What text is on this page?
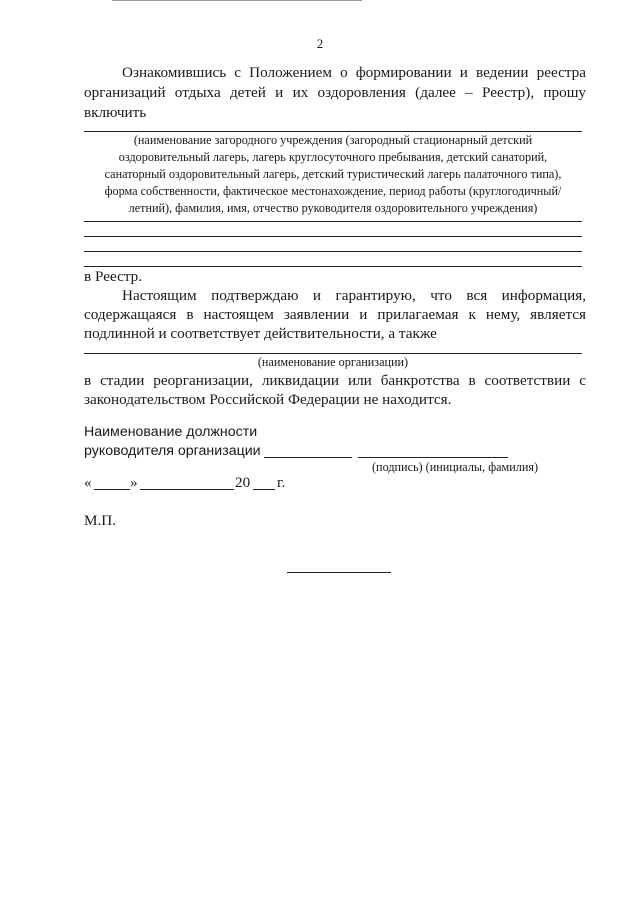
2
Ознакомившись с Положением о формировании и ведении реестра
организаций отдыха детей и их оздоровления (далее – Реестр), прошу
включить
(наименование загородного учреждения (загородный стационарный детский
оздоровительный лагерь, лагерь круглосуточного пребывания, детский санаторий,
санаторный оздоровительный лагерь, детский туристический лагерь палаточного типа),
форма собственности, фактическое местонахождение, период работы (круглогодичный/
летний), фамилия, имя, отчество руководителя оздоровительного учреждения)
в Реестр.
Настоящим подтверждаю и гарантирую, что вся информация,
содержащаяся в настоящем заявлении и прилагаемая к нему, является
подлинной и соответствует действительности, а также
(наименование организации)
в стадии реорганизации, ликвидации или банкротства в соответствии с
законодательством Российской Федерации не находится.
Наименование должности
руководителя организации
(подпись) (инициалы, фамилия)
«	»	20 г.
М.П.
